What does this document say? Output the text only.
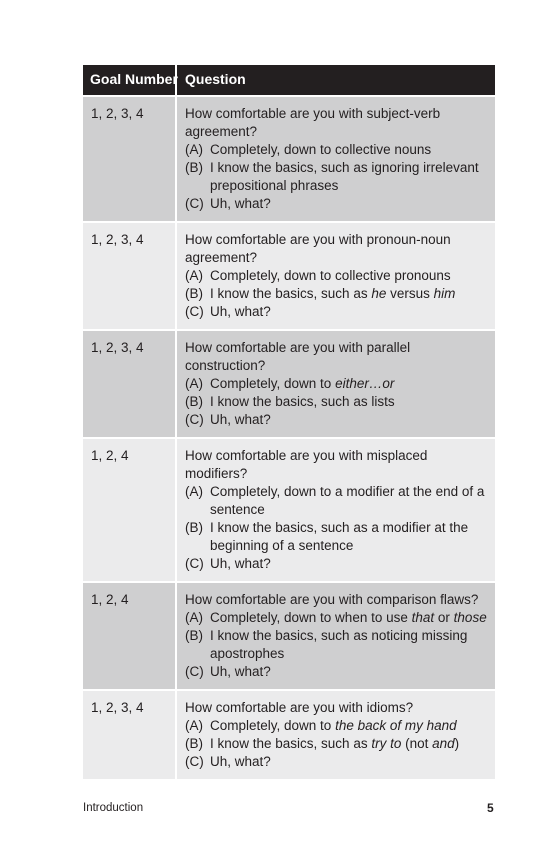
Goal Number Question
1, 2, 3, 4	How comfortable are you with subject-verb agreement?

(A) Completely, down to collective nouns
(B) I know the basics, such as ignoring irrelevant prepositional phrases
(C) Uh, what?
1, 2, 3, 4	How comfortable are you with pronoun-noun agreement?

(A) Completely, down to collective pronouns
(B) I know the basics, such as he versus him
(C) Uh, what?
1, 2, 3, 4	How comfortable are you with parallel construction?

(A) Completely, down to either…or
(B) I know the basics, such as lists
(C) Uh, what?
1, 2, 4	How comfortable are you with misplaced modifiers?

(A) Completely, down to a modifier at the end of a sentence
(B) I know the basics, such as a modifier at the beginning of a sentence
(C) Uh, what?
1, 2, 4	How comfortable are you with comparison flaws?

(A) Completely, down to when to use that or those
(B) I know the basics, such as noticing missing apostrophes
(C) Uh, what?
1, 2, 3, 4	How comfortable are you with idioms?

(A) Completely, down to the back of my hand
(B) I know the basics, such as try to (not and)
(C) Uh, what?
Introduction	5
